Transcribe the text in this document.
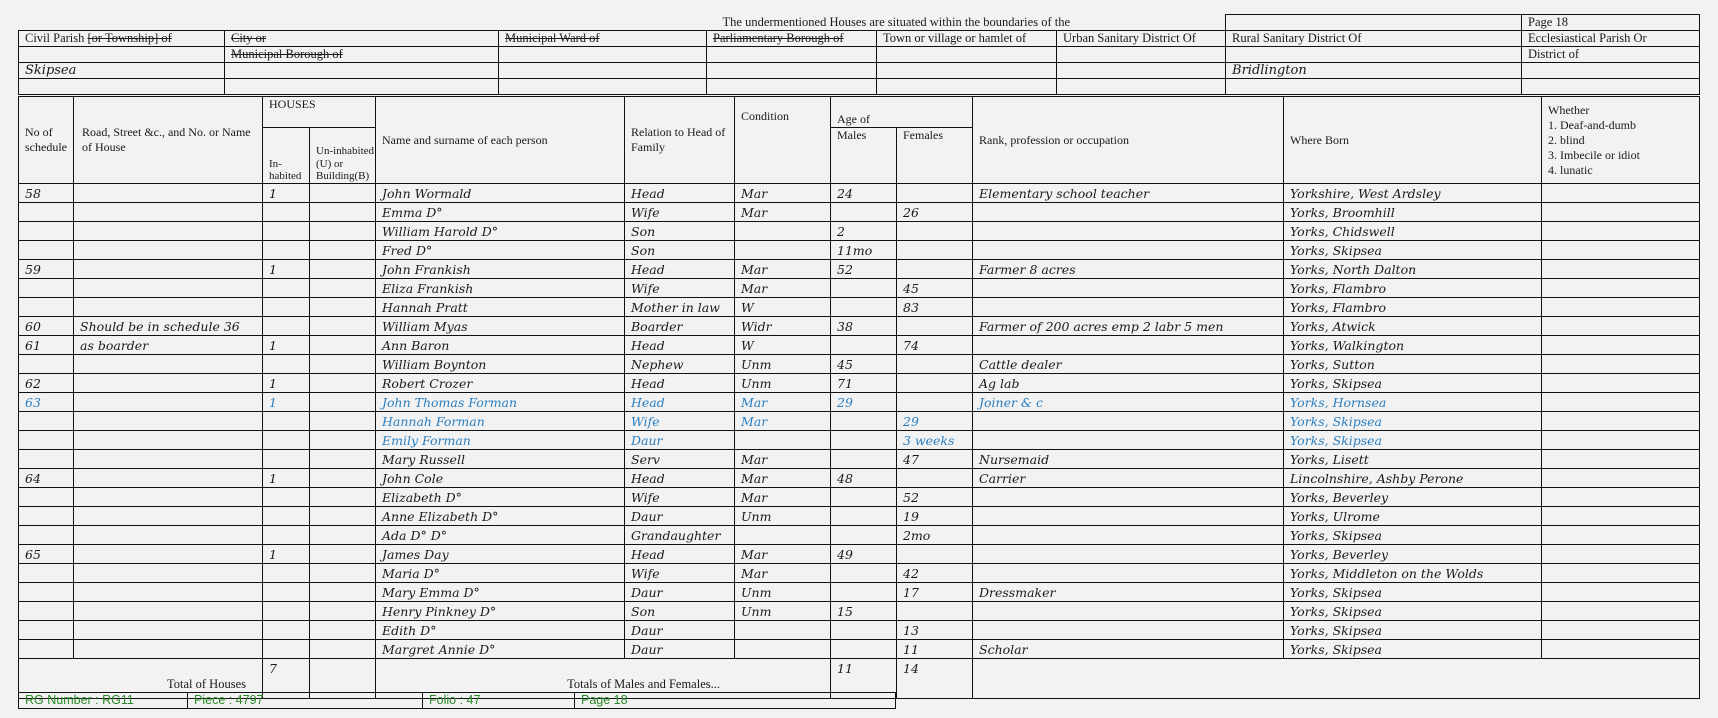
The undermentioned Houses are situated within the boundaries of the							Page 18
Civil Parish [or Township] of	City or	Municipal Ward of	Parliamentary Borough of	Town or village or hamlet of	Urban Sanitary District Of	Rural Sanitary District Of	Ecclesiastical Parish Or
	Municipal Borough of						District of
Skipsea						Bridlington	

No of schedule	Road, Street &c., and No. or Name of House	HOUSES		Name and surname of each person	Relation to Head of Family	Condition	Age of		Rank, profession or occupation	Where Born	Whether
1. Deaf-and-dumb
2. blind
3. Imbecile or idiot
4. lunatic

		In-habited	Un-inhabited (U) or Building(B)				Males	Females			
58		1		John Wormald	Head	Mar	24		Elementary school teacher	Yorkshire, West Ardsley	
				Emma D°	Wife	Mar		26		Yorks, Broomhill	
				William Harold D°	Son		2			Yorks, Chidswell	
				Fred D°	Son		11mo			Yorks, Skipsea	
59		1		John Frankish	Head	Mar	52		Farmer 8 acres	Yorks, North Dalton	
				Eliza Frankish	Wife	Mar		45		Yorks, Flambro	
				Hannah Pratt	Mother in law	W		83		Yorks, Flambro	
60	Should be in schedule 36			William Myas	Boarder	Widr	38		Farmer of 200 acres emp 2 labr 5 men	Yorks, Atwick	
61	as boarder	1		Ann Baron	Head	W		74		Yorks, Walkington	
				William Boynton	Nephew	Unm	45		Cattle dealer	Yorks, Sutton	
62		1		Robert Crozer	Head	Unm	71		Ag lab	Yorks, Skipsea	
63		1		John Thomas Forman	Head	Mar	29		Joiner & c	Yorks, Hornsea	
				Hannah Forman	Wife	Mar		29		Yorks, Skipsea	
				Emily Forman	Daur			3 weeks		Yorks, Skipsea	
				Mary Russell	Serv	Mar		47	Nursemaid	Yorks, Lisett	
64		1		John Cole	Head	Mar	48		Carrier	Lincolnshire, Ashby Perone	
				Elizabeth D°	Wife	Mar		52		Yorks, Beverley	
				Anne Elizabeth D°	Daur	Unm		19		Yorks, Ulrome	
				Ada D° D°	Grandaughter			2mo		Yorks, Skipsea	
65		1		James Day	Head	Mar	49			Yorks, Beverley	
				Maria D°	Wife	Mar		42		Yorks, Middleton on the Wolds	
				Mary Emma D°	Daur	Unm		17	Dressmaker	Yorks, Skipsea	
				Henry Pinkney D°	Son	Unm	15			Yorks, Skipsea	
				Edith D°	Daur			13		Yorks, Skipsea	
				Margret Annie D°	Daur			11	Scholar	Yorks, Skipsea	
Total of Houses		7		Totals of Males and Females...			11	14			
RG Number : RG11	Piece : 4797	Folio : 47	Page 18
